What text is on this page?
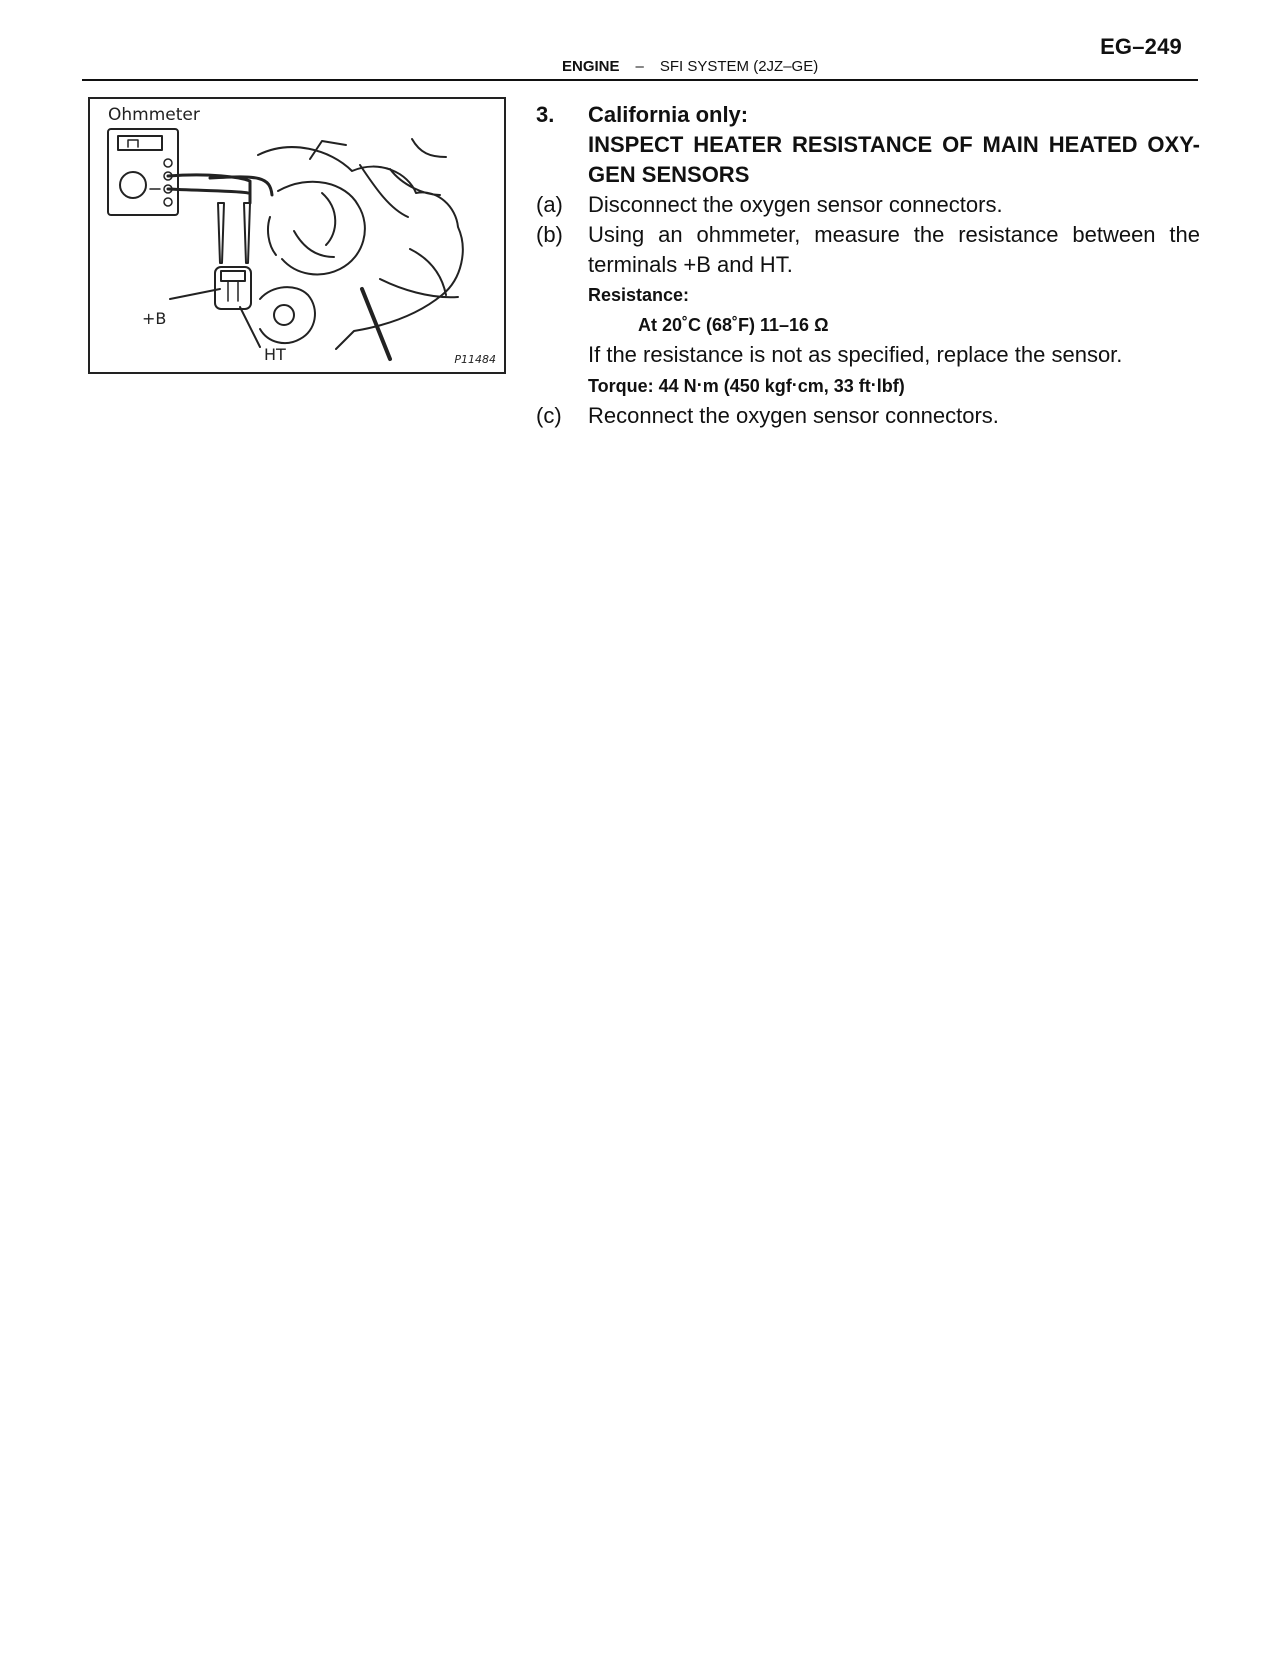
EG–249
ENGINE – SFI SYSTEM (2JZ–GE)
Ohmmeter
+B
HT	P11484
3.	California only:
INSPECT HEATER RESISTANCE OF MAIN HEATED OXY-GEN SENSORS
(a)	Disconnect the oxygen sensor connectors.
(b)	Using an ohmmeter, measure the resistance between the terminals +B and HT.
Resistance:
At 20˚C (68˚F) 11–16 Ω
If the resistance is not as specified, replace the sensor.
Torque: 44 N·m (450 kgf·cm, 33 ft·lbf)
(c)	Reconnect the oxygen sensor connectors.
